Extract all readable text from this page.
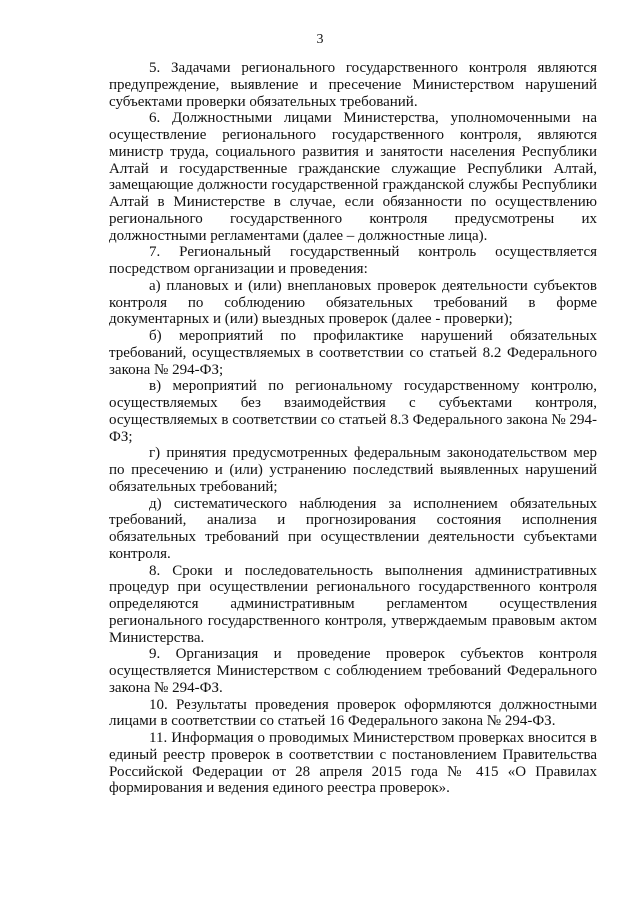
3

5. Задачами регионального государственного контроля являются предупреждение, выявление и пресечение Министерством нарушений субъектами проверки обязательных требований.

6. Должностными лицами Министерства, уполномоченными на осуществление регионального государственного контроля, являются министр труда, социального развития и занятости населения Республики Алтай и государственные гражданские служащие Республики Алтай, замещающие должности государственной гражданской службы Республики Алтай в Министерстве в случае, если обязанности по осуществлению регионального государственного контроля предусмотрены их должностными регламентами (далее – должностные лица).

7. Региональный государственный контроль осуществляется посредством организации и проведения:

а) плановых и (или) внеплановых проверок деятельности субъектов контроля по соблюдению обязательных требований в форме документарных и (или) выездных проверок (далее - проверки);

б) мероприятий по профилактике нарушений обязательных требований, осуществляемых в соответствии со статьей 8.2 Федерального закона № 294-ФЗ;

в) мероприятий по региональному государственному контролю, осуществляемых без взаимодействия с субъектами контроля, осуществляемых в соответствии со статьей 8.3 Федерального закона № 294-ФЗ;

г) принятия предусмотренных федеральным законодательством мер по пресечению и (или) устранению последствий выявленных нарушений обязательных требований;

д) систематического наблюдения за исполнением обязательных требований, анализа и прогнозирования состояния исполнения обязательных требований при осуществлении деятельности субъектами контроля.

8. Сроки и последовательность выполнения административных процедур при осуществлении регионального государственного контроля определяются административным регламентом осуществления регионального государственного контроля, утверждаемым правовым актом Министерства.

9. Организация и проведение проверок субъектов контроля осуществляется Министерством с соблюдением требований Федерального закона № 294-ФЗ.

10. Результаты проведения проверок оформляются должностными лицами в соответствии со статьей 16 Федерального закона № 294-ФЗ.

11. Информация о проводимых Министерством проверках вносится в единый реестр проверок в соответствии с постановлением Правительства Российской Федерации от 28 апреля 2015 года № 415 «О Правилах формирования и ведения единого реестра проверок».
